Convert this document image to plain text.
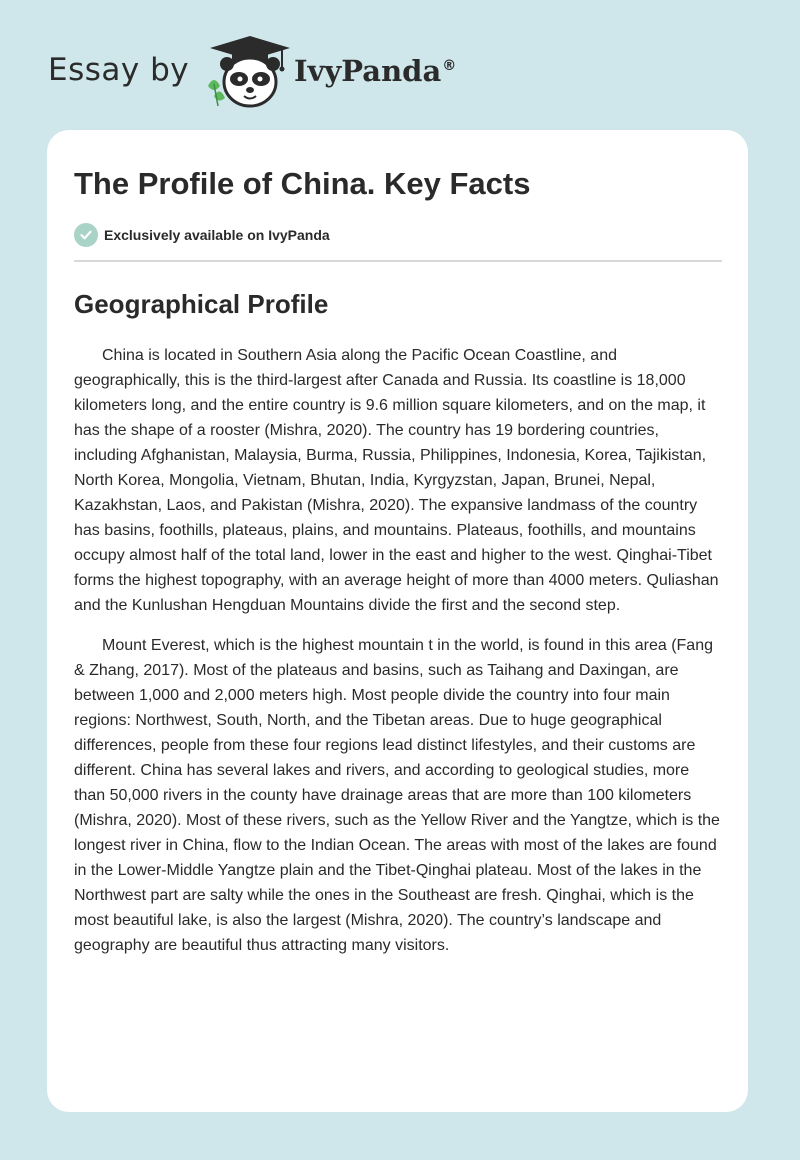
Essay by	IvyPanda®
The Profile of China. Key Facts
Exclusively available on IvyPanda
Geographical Profile

China is located in Southern Asia along the Pacific Ocean Coastline, and geographically, this is the third-largest after Canada and Russia. Its coastline is 18,000 kilometers long, and the entire country is 9.6 million square kilometers, and on the map, it has the shape of a rooster (Mishra, 2020). The country has 19 bordering countries, including Afghanistan, Malaysia, Burma, Russia, Philippines, Indonesia, Korea, Tajikistan, North Korea, Mongolia, Vietnam, Bhutan, India, Kyrgyzstan, Japan, Brunei, Nepal, Kazakhstan, Laos, and Pakistan (Mishra, 2020). The expansive landmass of the country has basins, foothills, plateaus, plains, and mountains. Plateaus, foothills, and mountains occupy almost half of the total land, lower in the east and higher to the west. Qinghai-Tibet forms the highest topography, with an average height of more than 4000 meters. Quliashan and the Kunlushan Hengduan Mountains divide the first and the second step.

Mount Everest, which is the highest mountain t in the world, is found in this area (Fang & Zhang, 2017). Most of the plateaus and basins, such as Taihang and Daxingan, are between 1,000 and 2,000 meters high. Most people divide the country into four main regions: Northwest, South, North, and the Tibetan areas. Due to huge geographical differences, people from these four regions lead distinct lifestyles, and their customs are different. China has several lakes and rivers, and according to geological studies, more than 50,000 rivers in the county have drainage areas that are more than 100 kilometers (Mishra, 2020). Most of these rivers, such as the Yellow River and the Yangtze, which is the longest river in China, flow to the Indian Ocean. The areas with most of the lakes are found in the Lower-Middle Yangtze plain and the Tibet-Qinghai plateau. Most of the lakes in the Northwest part are salty while the ones in the Southeast are fresh. Qinghai, which is the most beautiful lake, is also the largest (Mishra, 2020). The country’s landscape and geography are beautiful thus attracting many visitors.
